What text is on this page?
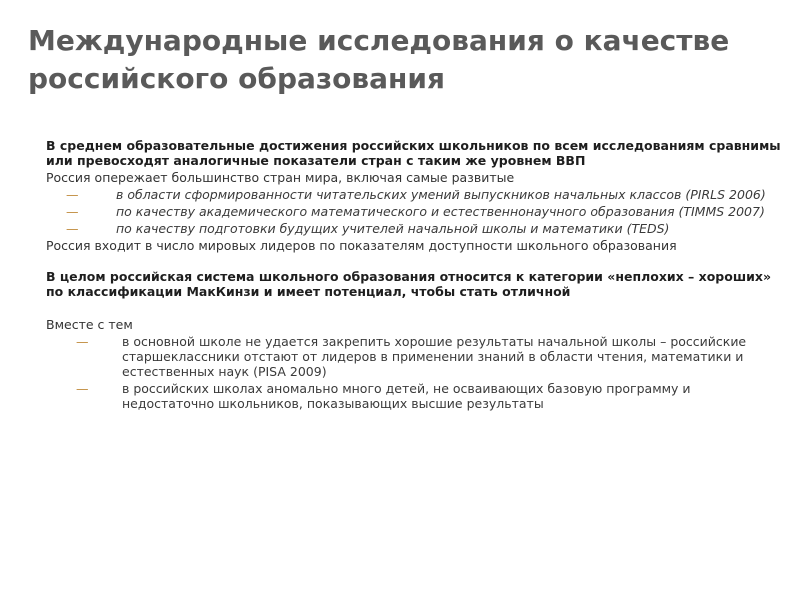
Международные исследования о качестве российского образования

В среднем образовательные достижения российских школьников по всем исследованиям сравнимы или превосходят аналогичные показатели стран с таким же уровнем ВВП

Россия опережает большинство стран мира, включая самые развитые

—	в области сформированности читательских умений выпускников начальных классов (PIRLS 2006)
—	по качеству академического математического и естественнонаучного образования (TIMMS 2007)
—	по качеству подготовки будущих учителей начальной школы и математики (TEDS)

Россия входит в число мировых лидеров по показателям доступности школьного образования

В целом российская система школьного образования относится к категории «неплохих – хороших» по классификации МакКинзи и имеет потенциал, чтобы стать отличной

Вместе с тем

—	в основной школе не удается закрепить хорошие результаты начальной школы – российские старшеклассники отстают от лидеров в применении знаний в области чтения, математики и естественных наук (PISA 2009)
—	в российских школах аномально много детей, не осваивающих базовую программу и недостаточно школьников, показывающих высшие результаты
